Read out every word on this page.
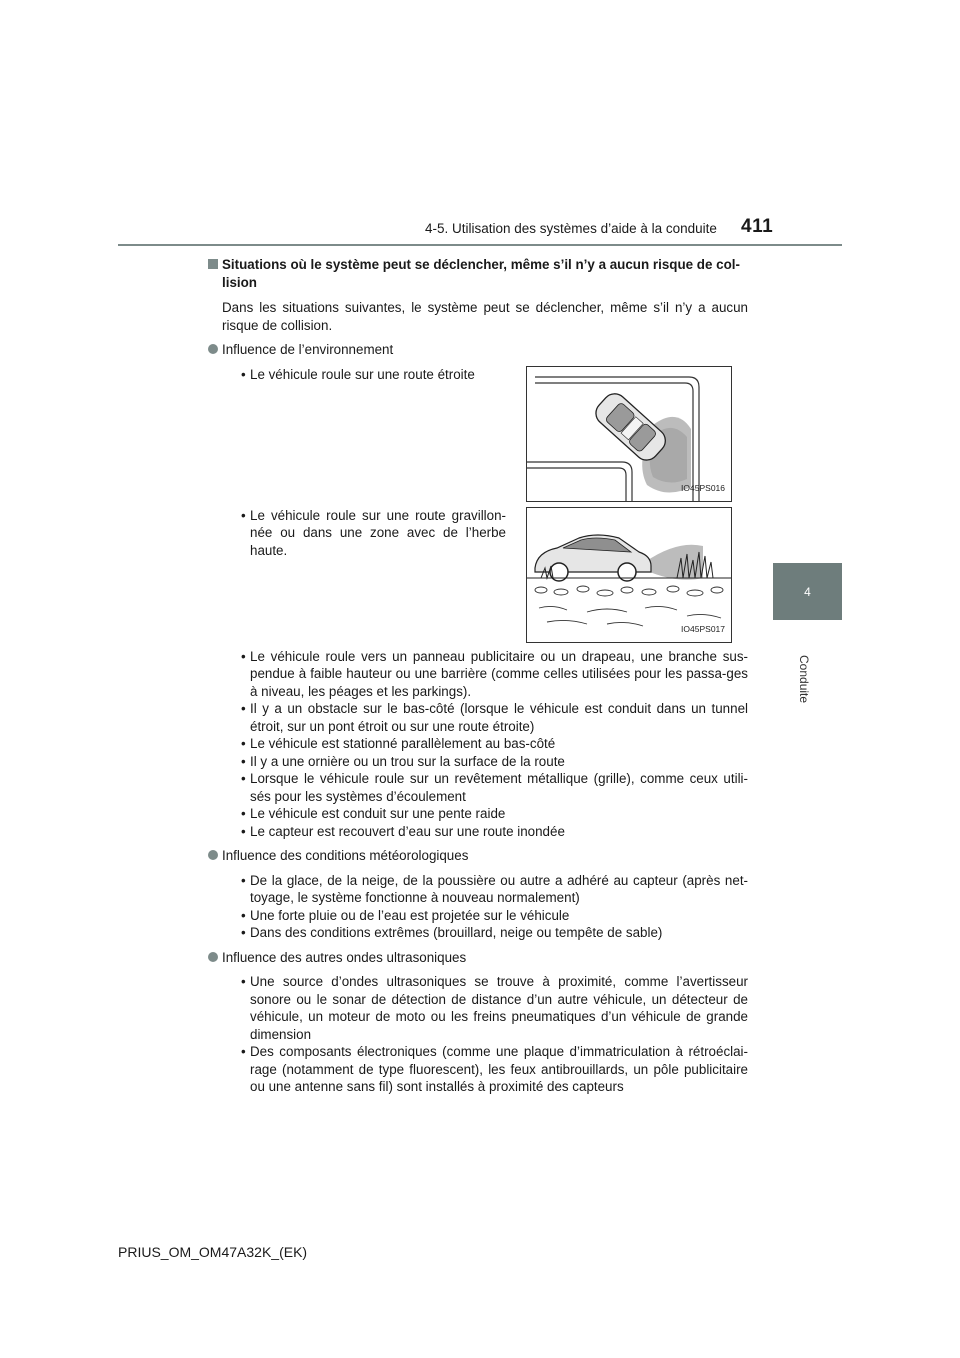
4-5. Utilisation des systèmes d’aide à la conduite 411
4
Conduite
Situations où le système peut se déclencher, même s’il n’y a aucun risque de col-lision
Dans les situations suivantes, le système peut se déclencher, même s’il n’y a aucun risque de collision.
Influence de l’environnement
• Le véhicule roule sur une route étroite
IO45PS016
• Le véhicule roule sur une route gravillon-née ou dans une zone avec de l’herbe haute.
IO45PS017
• Le véhicule roule vers un panneau publicitaire ou un drapeau, une branche sus-pendue à faible hauteur ou une barrière (comme celles utilisées pour les passa-ges à niveau, les péages et les parkings).
• Il y a un obstacle sur le bas-côté (lorsque le véhicule est conduit dans un tunnel étroit, sur un pont étroit ou sur une route étroite)
• Le véhicule est stationné parallèlement au bas-côté
• Il y a une ornière ou un trou sur la surface de la route
• Lorsque le véhicule roule sur un revêtement métallique (grille), comme ceux utili-sés pour les systèmes d’écoulement
• Le véhicule est conduit sur une pente raide
• Le capteur est recouvert d’eau sur une route inondée
Influence des conditions météorologiques
• De la glace, de la neige, de la poussière ou autre a adhéré au capteur (après net-toyage, le système fonctionne à nouveau normalement)
• Une forte pluie ou de l’eau est projetée sur le véhicule
• Dans des conditions extrêmes (brouillard, neige ou tempête de sable)
Influence des autres ondes ultrasoniques
• Une source d’ondes ultrasoniques se trouve à proximité, comme l’avertisseur sonore ou le sonar de détection de distance d’un autre véhicule, un détecteur de véhicule, un moteur de moto ou les freins pneumatiques d’un véhicule de grande dimension
• Des composants électroniques (comme une plaque d’immatriculation à rétroéclai-rage (notamment de type fluorescent), les feux antibrouillards, un pôle publicitaire ou une antenne sans fil) sont installés à proximité des capteurs
PRIUS_OM_OM47A32K_(EK)
